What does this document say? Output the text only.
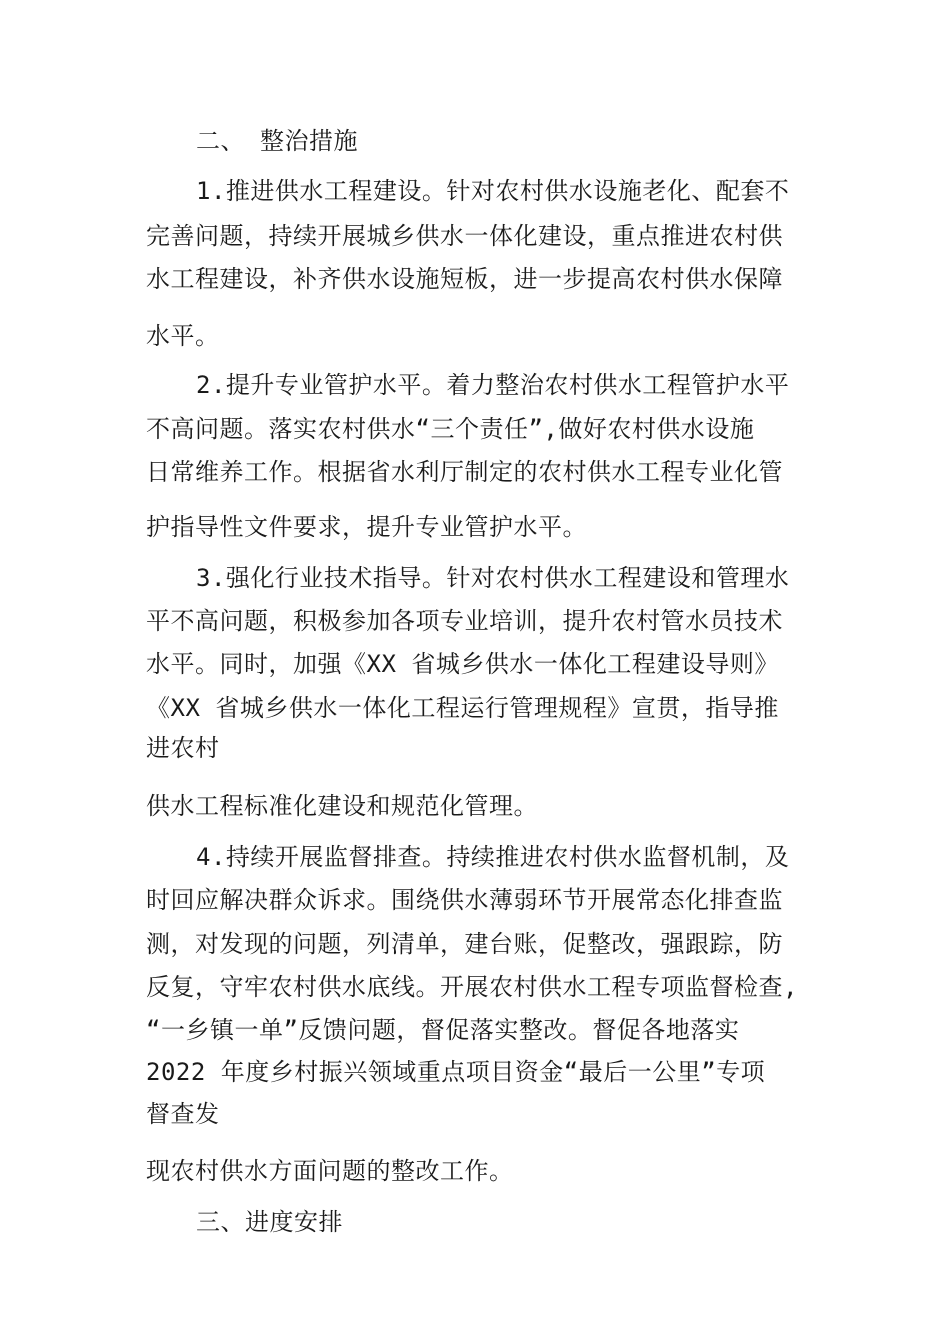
二、 整治措施
1.推进供水工程建设。针对农村供水设施老化、配套不
完善问题，持续开展城乡供水一体化建设，重点推进农村供
水工程建设，补齐供水设施短板，进一步提高农村供水保障
水平。
2.提升专业管护水平。着力整治农村供水工程管护水平
不高问题。落实农村供水“三个责任”,做好农村供水设施
日常维养工作。根据省水利厅制定的农村供水工程专业化管
护指导性文件要求，提升专业管护水平。
3.强化行业技术指导。针对农村供水工程建设和管理水
平不高问题，积极参加各项专业培训，提升农村管水员技术
水平。同时，加强《XX 省城乡供水一体化工程建设导则》
《XX 省城乡供水一体化工程运行管理规程》宣贯，指导推
进农村
供水工程标准化建设和规范化管理。
4.持续开展监督排查。持续推进农村供水监督机制，及
时回应解决群众诉求。围绕供水薄弱环节开展常态化排查监
测，对发现的问题，列清单，建台账，促整改，强跟踪，防
反复，守牢农村供水底线。开展农村供水工程专项监督检查,
“一乡镇一单”反馈问题，督促落实整改。督促各地落实
2022 年度乡村振兴领域重点项目资金“最后一公里”专项
督查发
现农村供水方面问题的整改工作。
三、进度安排
